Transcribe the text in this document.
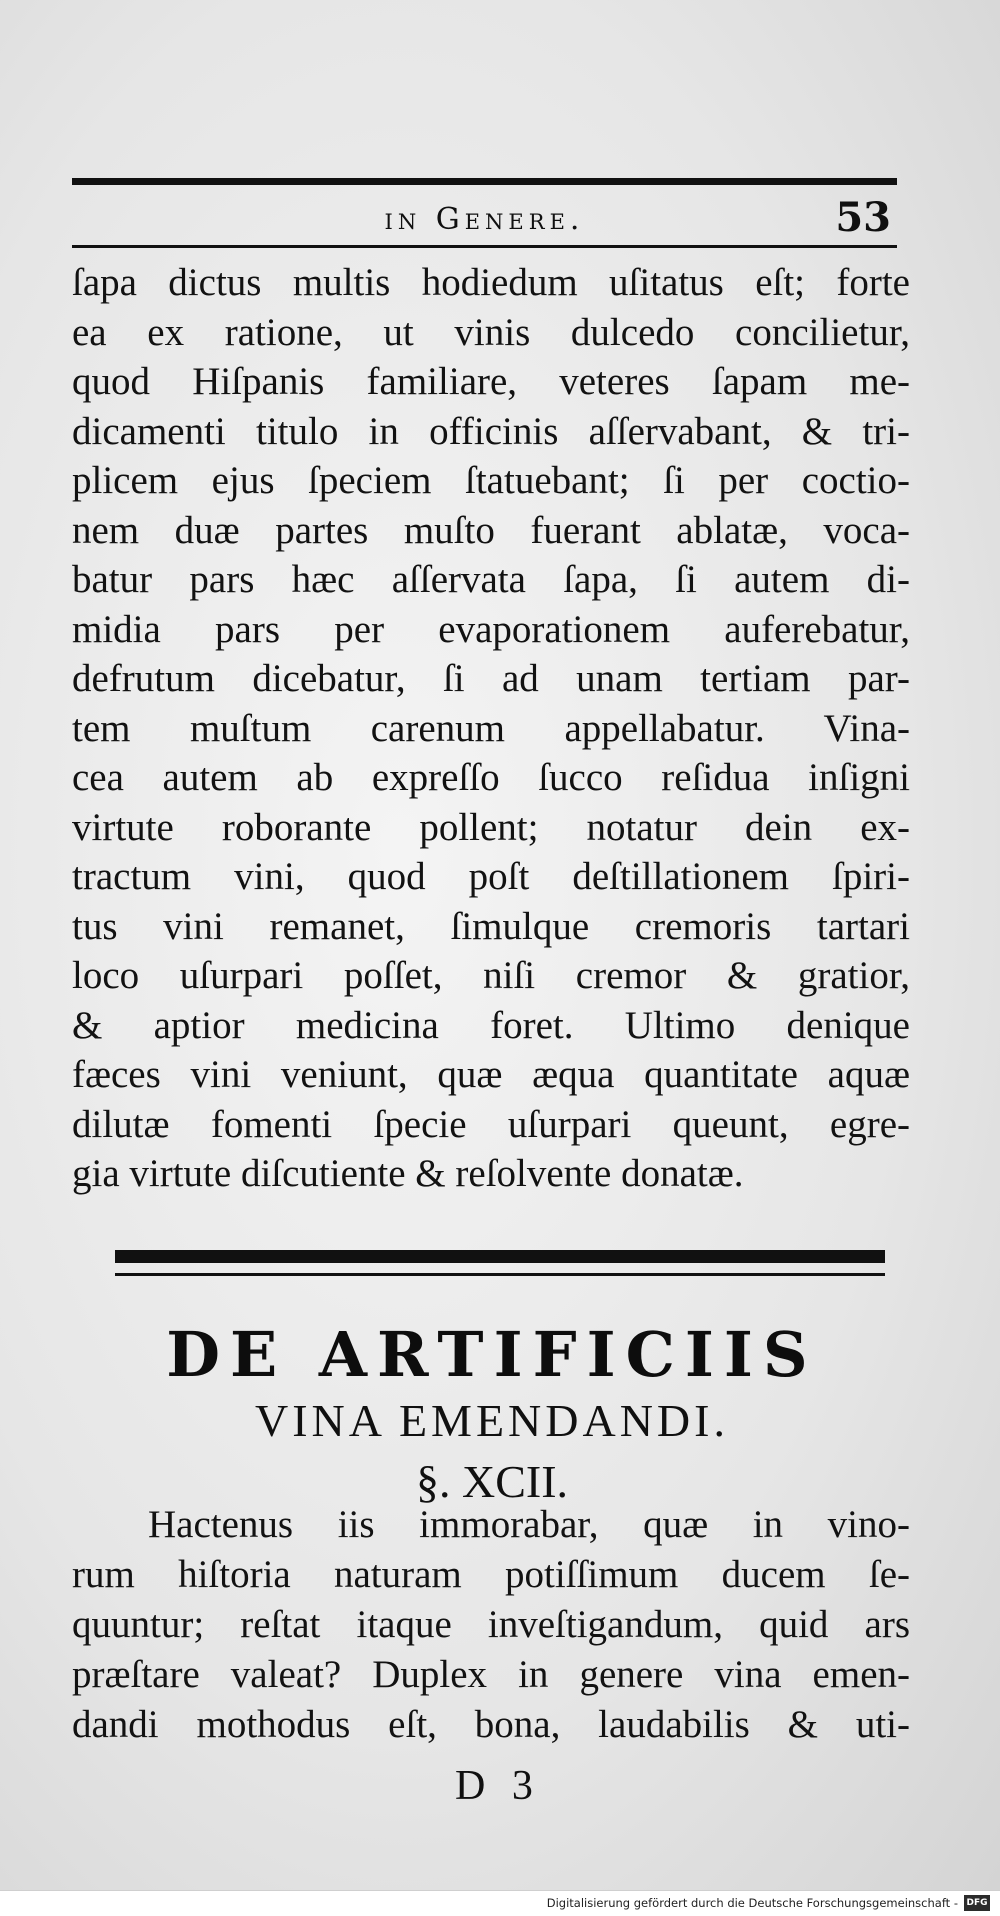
in Genere.	53
ſapa dictus multis hodiedum uſitatus eſt; forte
ea ex ratione, ut vinis dulcedo concilietur,
quod Hiſpanis familiare, veteres ſapam me-
dicamenti titulo in officinis aſſervabant, & tri-
plicem ejus ſpeciem ſtatuebant; ſi per coctio-
nem duæ partes muſto fuerant ablatæ, voca-
batur pars hæc aſſervata ſapa, ſi autem di-
midia pars per evaporationem auferebatur,
defrutum dicebatur, ſi ad unam tertiam par-
tem muſtum carenum appellabatur. Vina-
cea autem ab expreſſo ſucco reſidua inſigni
virtute roborante pollent; notatur dein ex-
tractum vini, quod poſt deſtillationem ſpiri-
tus vini remanet, ſimulque cremoris tartari
loco uſurpari poſſet, niſi cremor & gratior,
& aptior medicina foret. Ultimo denique
fæces vini veniunt, quæ æqua quantitate aquæ
dilutæ fomenti ſpecie uſurpari queunt, egre-
gia virtute diſcutiente & reſolvente donatæ.
DE ARTIFICIIS
VINA EMENDANDI.
§. XCII.
Hactenus iis immorabar, quæ in vino-
rum hiſtoria naturam potiſſimum ducem ſe-
quuntur; reſtat itaque inveſtigandum, quid ars
præſtare valeat? Duplex in genere vina emen-
dandi mothodus eſt, bona, laudabilis & uti-
D 3
Digitalisierung gefördert durch die Deutsche Forschungsgemeinschaft - DFG
